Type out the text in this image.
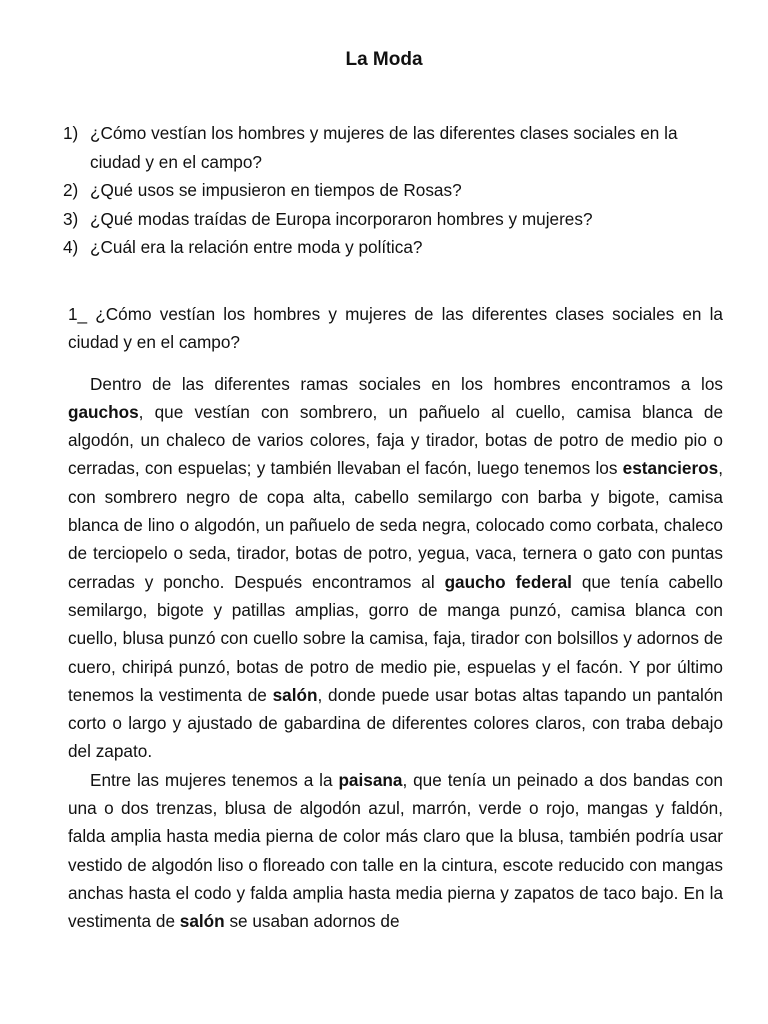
La Moda
1) ¿Cómo vestían los hombres y mujeres de las diferentes clases sociales en la ciudad y en el campo?
2) ¿Qué usos se impusieron en tiempos de Rosas?
3) ¿Qué modas traídas de Europa incorporaron hombres y mujeres?
4) ¿Cuál era la relación entre moda y política?

1_ ¿Cómo vestían los hombres y mujeres de las diferentes clases sociales en la ciudad y en el campo?

Dentro de las diferentes ramas sociales en los hombres encontramos a los gauchos, que vestían con sombrero, un pañuelo al cuello, camisa blanca de algodón, un chaleco de varios colores, faja y tirador, botas de potro de medio pio o cerradas, con espuelas; y también llevaban el facón, luego tenemos los estancieros, con sombrero negro de copa alta, cabello semilargo con barba y bigote, camisa blanca de lino o algodón, un pañuelo de seda negra, colocado como corbata, chaleco de terciopelo o seda, tirador, botas de potro, yegua, vaca, ternera o gato con puntas cerradas y poncho. Después encontramos al gaucho federal que tenía cabello semilargo, bigote y patillas amplias, gorro de manga punzó, camisa blanca con cuello, blusa punzó con cuello sobre la camisa, faja, tirador con bolsillos y adornos de cuero, chiripá punzó, botas de potro de medio pie, espuelas y el facón. Y por último tenemos la vestimenta de salón, donde puede usar botas altas tapando un pantalón corto o largo y ajustado de gabardina de diferentes colores claros, con traba debajo del zapato.

Entre las mujeres tenemos a la paisana, que tenía un peinado a dos bandas con una o dos trenzas, blusa de algodón azul, marrón, verde o rojo, mangas y faldón, falda amplia hasta media pierna de color más claro que la blusa, también podría usar vestido de algodón liso o floreado con talle en la cintura, escote reducido con mangas anchas hasta el codo y falda amplia hasta media pierna y zapatos de taco bajo. En la vestimenta de salón se usaban adornos de
